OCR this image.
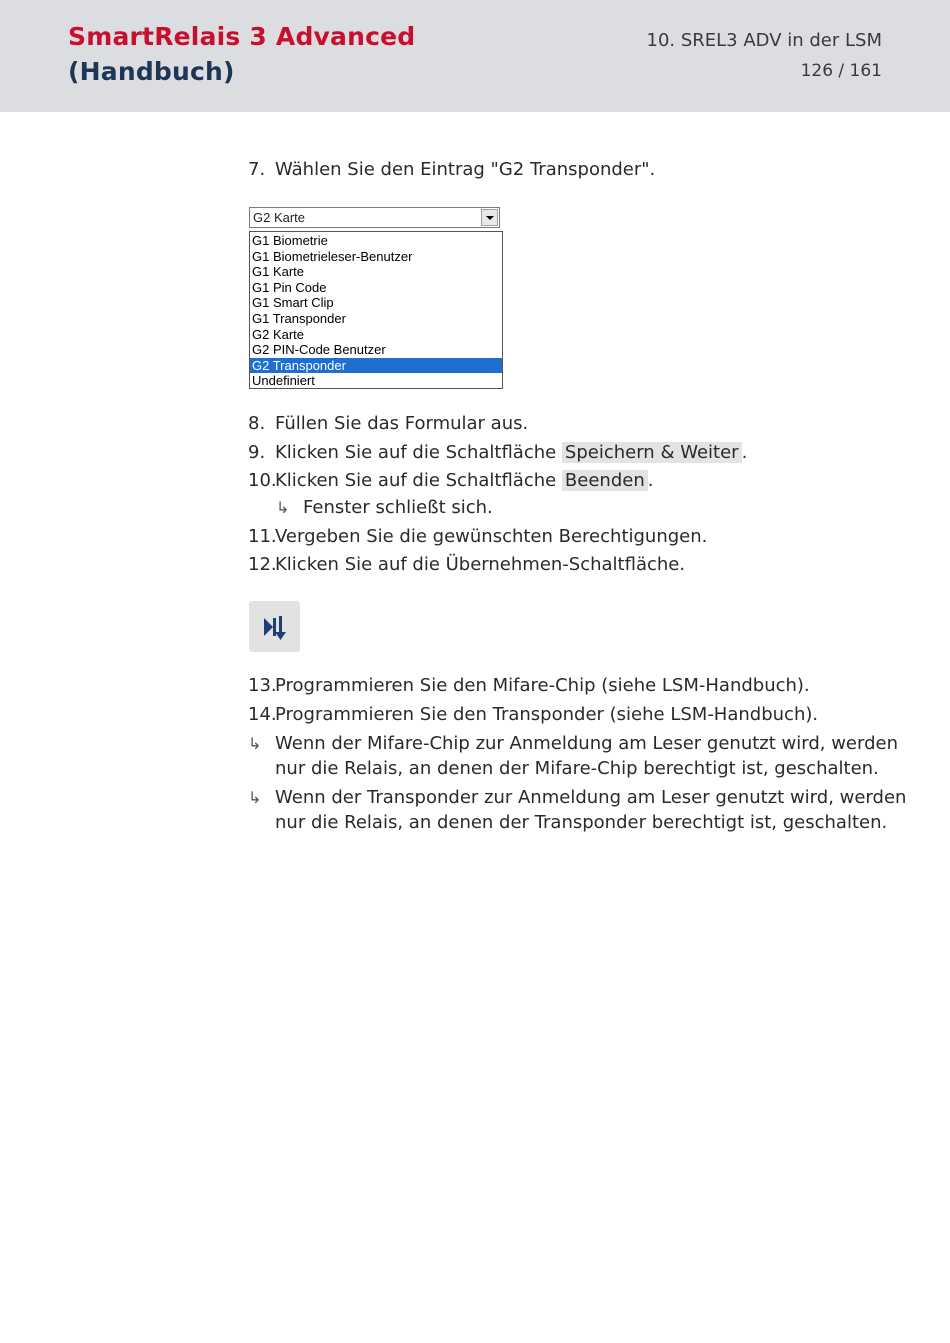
SmartRelais 3 Advanced
(Handbuch)
10. SREL3 ADV in der LSM
126 / 161
7. Wählen Sie den Eintrag "G2 Transponder".
G2 Karte
G1 Biometrie
G1 Biometrieleser-Benutzer
G1 Karte
G1 Pin Code
G1 Smart Clip
G1 Transponder
G2 Karte
G2 PIN-Code Benutzer
G2 Transponder
Undefiniert
8. Füllen Sie das Formular aus.
9. Klicken Sie auf die Schaltfläche Speichern & Weiter .
10.
Klicken Sie auf die Schaltfläche Beenden .
↳ Fenster schließt sich.
11.
Vergeben Sie die gewünschten Berechtigungen.
12.
Klicken Sie auf die Übernehmen-Schaltfläche.
13.
Programmieren Sie den Mifare-Chip (siehe LSM-Handbuch).
14.
Programmieren Sie den Transponder (siehe LSM-Handbuch).
↳ Wenn der Mifare-Chip zur Anmeldung am Leser genutzt wird, werden
nur die Relais, an denen der Mifare-Chip berechtigt ist, geschalten.
↳ Wenn der Transponder zur Anmeldung am Leser genutzt wird, werden
nur die Relais, an denen der Transponder berechtigt ist, geschalten.
